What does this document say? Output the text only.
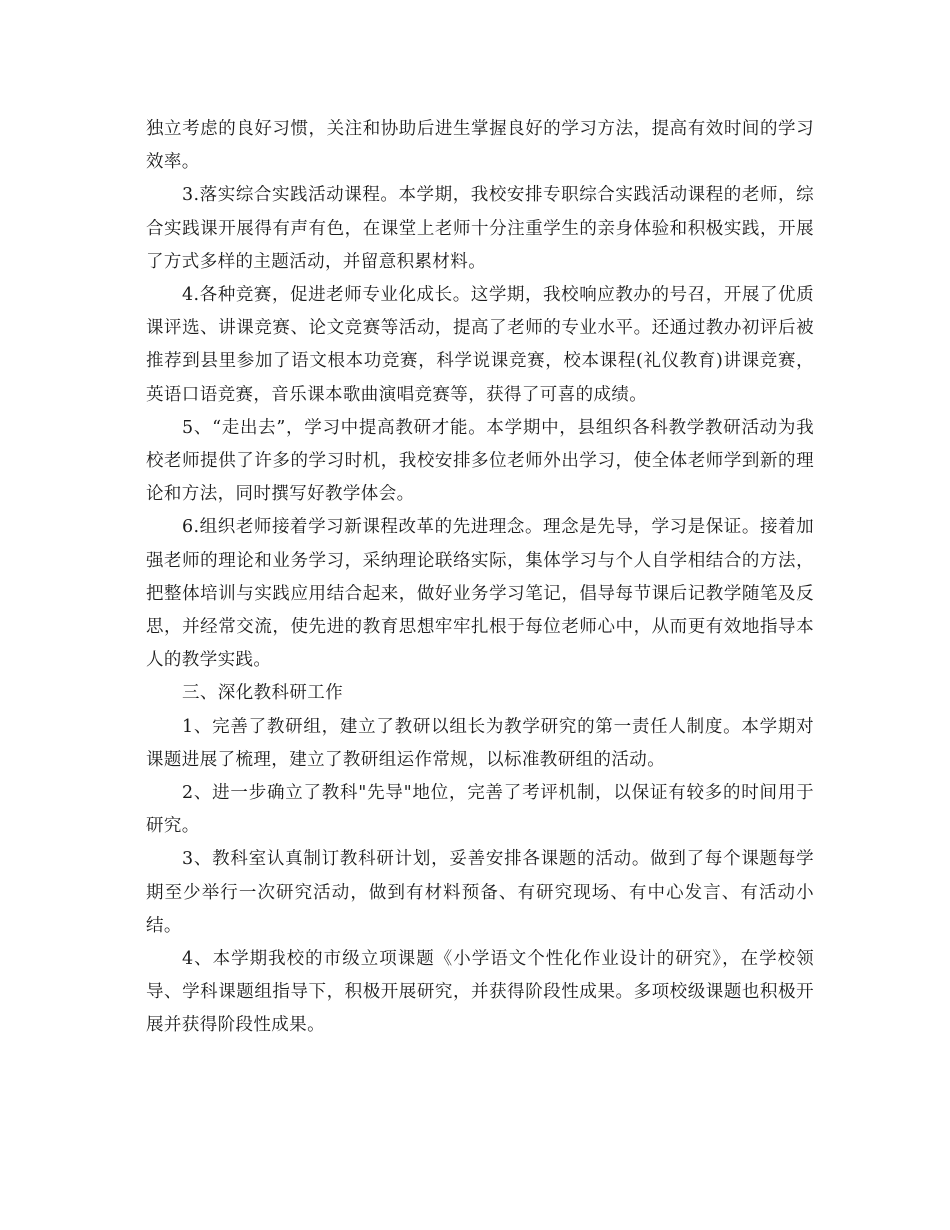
独立考虑的良好习惯，关注和协助后进生掌握良好的学习方法，提高有效时间的学习效率。

3.落实综合实践活动课程。本学期，我校安排专职综合实践活动课程的老师，综合实践课开展得有声有色，在课堂上老师十分注重学生的亲身体验和积极实践，开展了方式多样的主题活动，并留意积累材料。

4.各种竞赛，促进老师专业化成长。这学期，我校响应教办的号召，开展了优质课评选、讲课竞赛、论文竞赛等活动，提高了老师的专业水平。还通过教办初评后被推荐到县里参加了语文根本功竞赛，科学说课竞赛，校本课程(礼仪教育)讲课竞赛，英语口语竞赛，音乐课本歌曲演唱竞赛等，获得了可喜的成绩。

5、“走出去”，学习中提高教研才能。本学期中，县组织各科教学教研活动为我校老师提供了许多的学习时机，我校安排多位老师外出学习，使全体老师学到新的理论和方法，同时撰写好教学体会。

6.组织老师接着学习新课程改革的先进理念。理念是先导，学习是保证。接着加强老师的理论和业务学习，采纳理论联络实际，集体学习与个人自学相结合的方法，把整体培训与实践应用结合起来，做好业务学习笔记，倡导每节课后记教学随笔及反思，并经常交流，使先进的教育思想牢牢扎根于每位老师心中，从而更有效地指导本人的教学实践。

三、深化教科研工作

1、完善了教研组，建立了教研以组长为教学研究的第一责任人制度。本学期对课题进展了梳理，建立了教研组运作常规，以标准教研组的活动。

2、进一步确立了教科"先导"地位，完善了考评机制，以保证有较多的时间用于研究。

3、教科室认真制订教科研计划，妥善安排各课题的活动。做到了每个课题每学期至少举行一次研究活动，做到有材料预备、有研究现场、有中心发言、有活动小结。

4、本学期我校的市级立项课题《小学语文个性化作业设计的研究》，在学校领导、学科课题组指导下，积极开展研究，并获得阶段性成果。多项校级课题也积极开展并获得阶段性成果。
